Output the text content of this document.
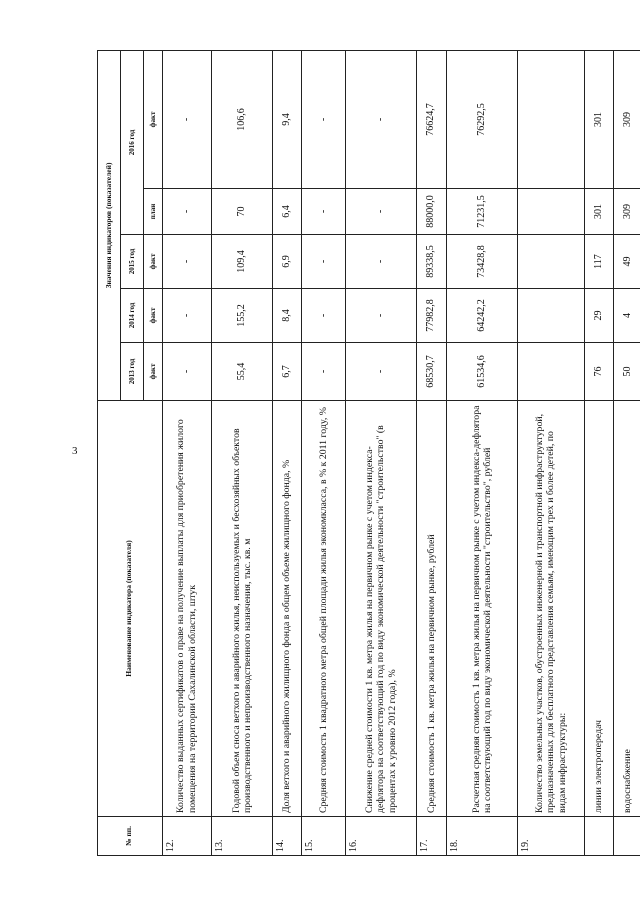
3
№ пп.	Наименование индикатора (показателя)	Значения индикаторов (показателей)				
		2013 год	2014 год	2015 год	2016 год	
		факт	факт	факт	план	факт
12.	Количество выданных сертификатов о праве на получение выплаты для приобретения жилого помещения на территории Сахалинской области, штук	-	-	-	-	-
13.	Годовой объем сноса ветхого и аварийного жилья, неиспользуемых и бесхозяйных объектов производственного и непроизводственного назначения, тыс. кв. м	55,4	155,2	109,4	70	106,6
14.	Доля ветхого и аварийного жилищного фонда в общем объеме жилищного фонда, %	6,7	8,4	6,9	6,4	9,4
15.	Средняя стоимость 1 квадратного метра общей площади жилья экономкласса, в % к 2011 году, %	-	-	-	-	-
16.	Снижение средней стоимости 1 кв. метра жилья на первичном рынке с учетом индекса-дефлятора на соответствующий год по виду экономической деятельности "строительство" (в процентах к уровню 2012 года), %	-	-	-	-	-
17.	Средняя стоимость 1 кв. метра жилья на первичном рынке, рублей	68530,7	77982,8	89338,5	88000,0	76624,7
18.	Расчетная средняя стоимость 1 кв. метра жилья на первичном рынке с учетом индекса-дефлятора на соответствующий год по виду экономической деятельности "строительство", рублей	61534,6	64242,2	73428,8	71231,5	76292,5
19.	Количество земельных участков, обустроенных инженерной и транспортной инфраструктурой, предназначенных для бесплатного представления семьям, имеющим трех и более детей, по видам инфраструктуры:					
	линии электропередач	76	29	117	301	301
	водоснабжение	50	4	49	309	309
